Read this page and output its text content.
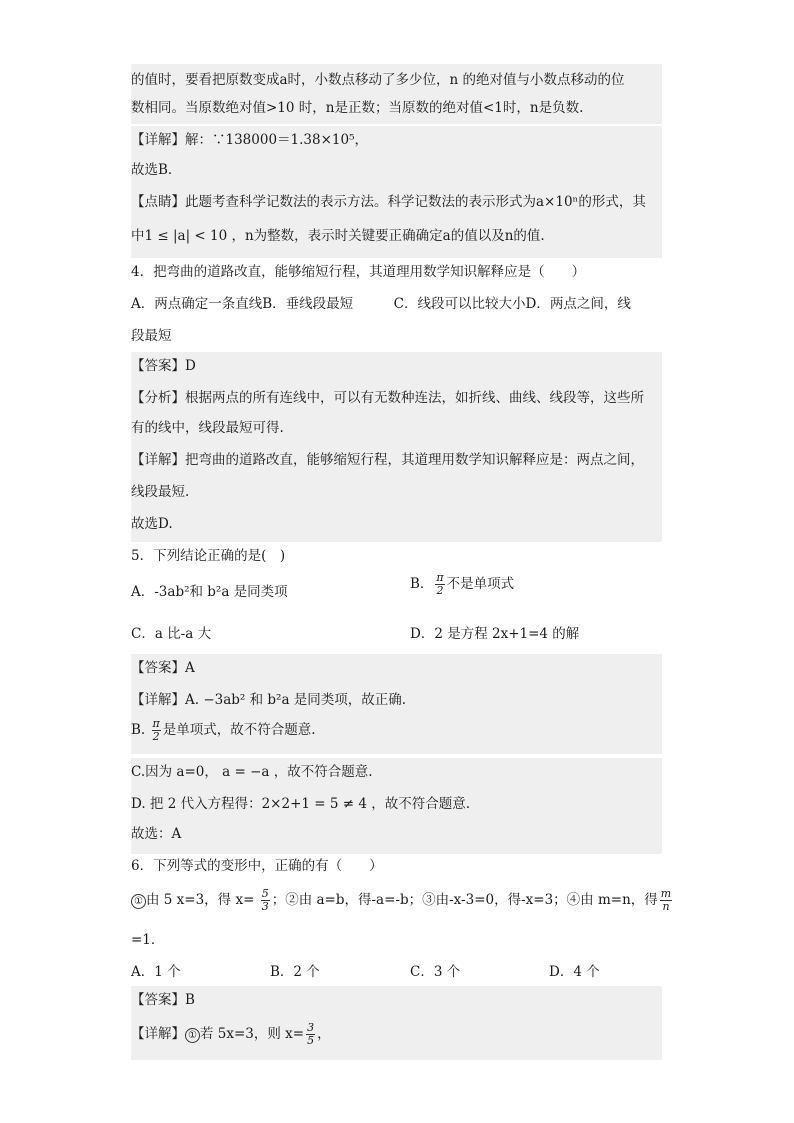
的值时，要看把原数变成a时，小数点移动了多少位，n 的绝对值与小数点移动的位
数相同。当原数绝对值>10 时，n是正数；当原数的绝对值<1时，n是负数.
【详解】解：∵138000＝1.38×10⁵，
故选B．
【点睛】此题考查科学记数法的表示方法。科学记数法的表示形式为a×10ⁿ的形式，其
中1 ≤ |a| < 10 ，n为整数，表示时关键要正确确定a的值以及n的值.
4．把弯曲的道路改直，能够缩短行程，其道理用数学知识解释应是（　　）
A．两点确定一条直线B．垂线段最短　　　C．线段可以比较大小D．两点之间，线
段最短
【答案】D
【分析】根据两点的所有连线中，可以有无数种连法，如折线、曲线、线段等，这些所
有的线中，线段最短可得.
【详解】把弯曲的道路改直，能够缩短行程，其道理用数学知识解释应是：两点之间，
线段最短.
故选D.
5．下列结论正确的是(　)
A．-3ab²和 b²a 是同类项	B． $\frac{\pi}{2}$ 不是单项式
C．a 比-a 大	D．2 是方程 2x+1=4 的解
【答案】A
【详解】A. −3ab² 和 b²a 是同类项，故正确.
B. $\frac{\pi}{2}$ 是单项式，故不符合题意.
C.因为 a=0， a = −a ，故不符合题意.
D. 把 2 代入方程得：2×2+1 = 5 ≠ 4 ，故不符合题意.
故选：A
6．下列等式的变形中，正确的有（　　）
① 由 5 x=3，得 $x= \frac{5}{3}$ ；②由 a=b，得-a=-b；③由-x-3=0，得-x=3；④由 m=n，得 $\frac{m}{n}$
=1．
A．1 个	B．2 个	C．3 个	D．4 个
【答案】B
【详解】 ① 若 5x=3，则 $x= \frac{3}{5}$ ，
